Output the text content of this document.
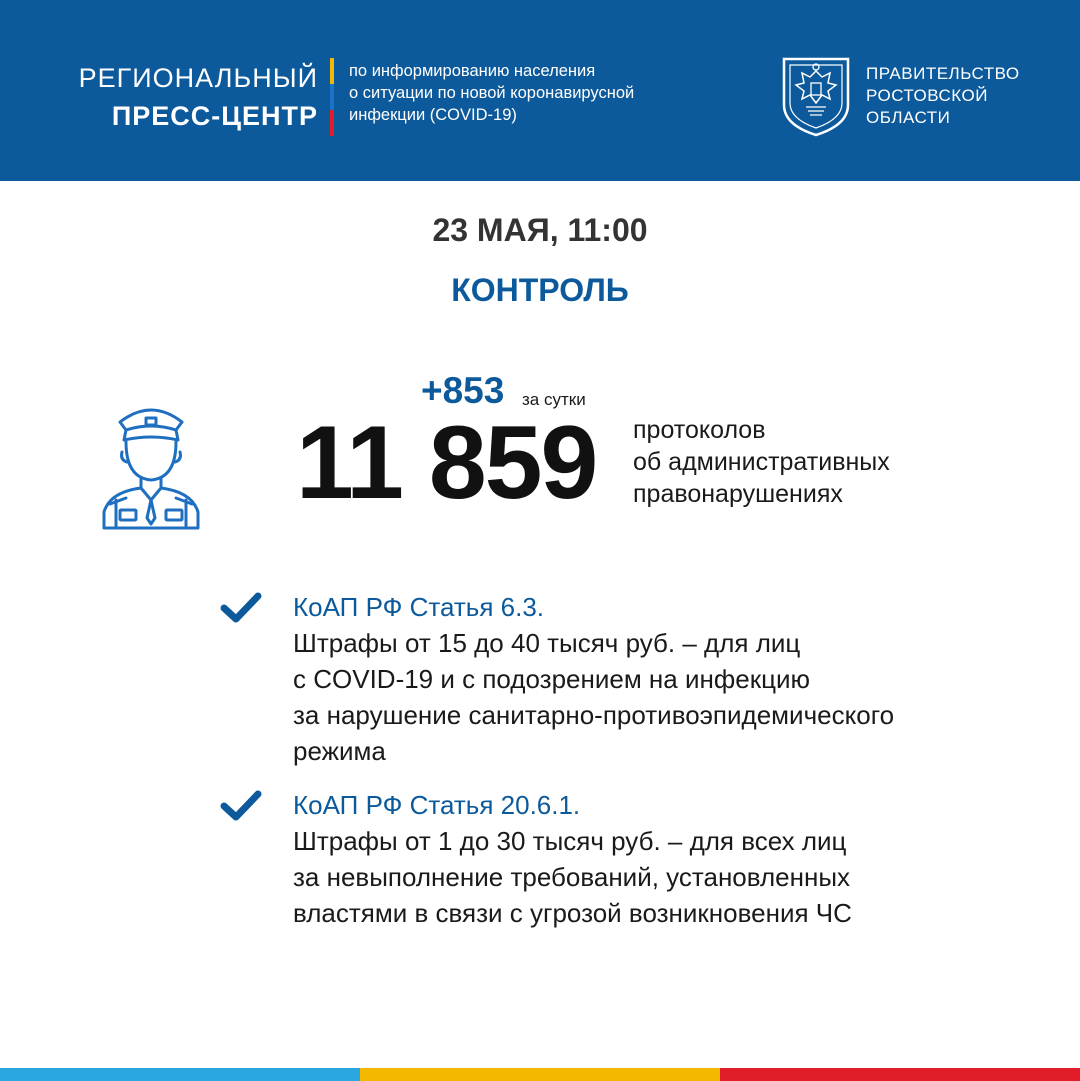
РЕГИОНАЛЬНЫЙ
ПРЕСС-ЦЕНТР
по информированию населения
о ситуации по новой коронавирусной
инфекции (COVID-19)
ПРАВИТЕЛЬСТВО
РОСТОВСКОЙ
ОБЛАСТИ
23 МАЯ, 11:00
КОНТРОЛЬ
+853 за сутки
11 859 протоколов
об административных
правонарушениях
КоАП РФ Статья 6.3.
Штрафы от 15 до 40 тысяч руб. – для лиц
с COVID-19 и с подозрением на инфекцию
за нарушение санитарно-противоэпидемического
режима
КоАП РФ Статья 20.6.1.
Штрафы от 1 до 30 тысяч руб. – для всех лиц
за невыполнение требований, установленных
властями в связи с угрозой возникновения ЧС
